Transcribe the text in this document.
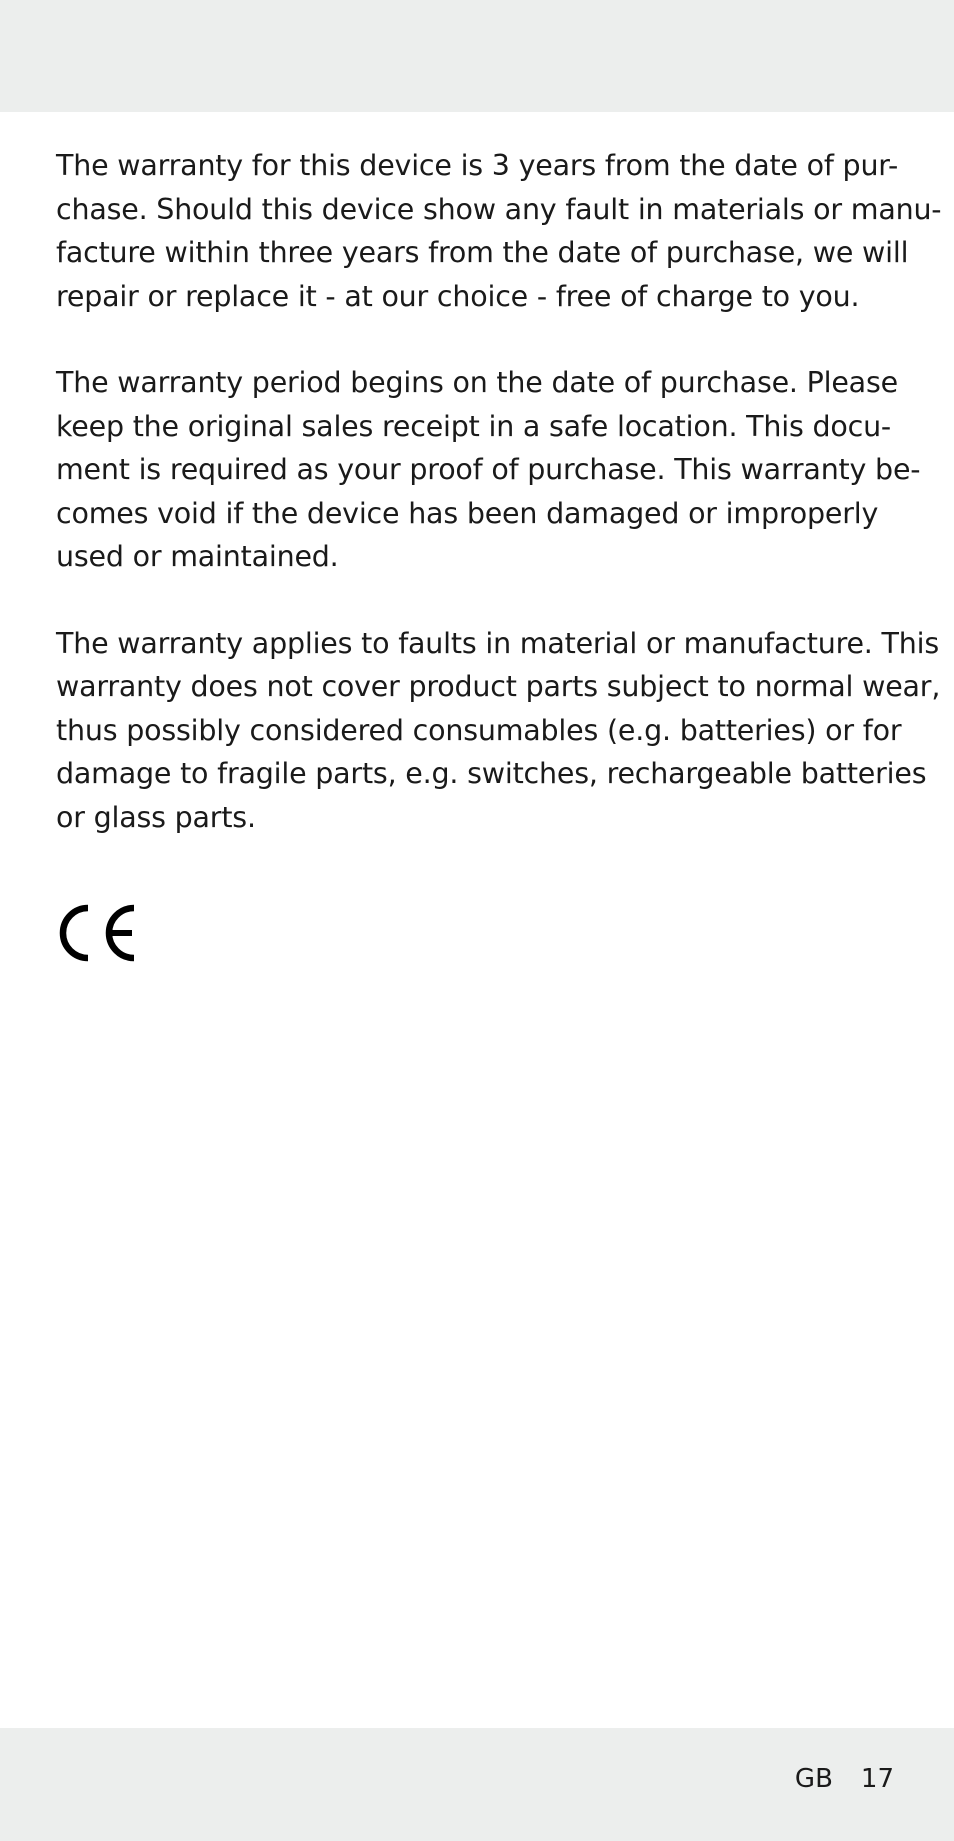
The warranty for this device is 3 years from the date of pur-
chase. Should this device show any fault in materials or manu-
facture within three years from the date of purchase, we will
repair or replace it - at our choice - free of charge to you.

The warranty period begins on the date of purchase. Please
keep the original sales receipt in a safe location. This docu-
ment is required as your proof of purchase. This warranty be-
comes void if the device has been damaged or improperly
used or maintained.

The warranty applies to faults in material or manufacture. This
warranty does not cover product parts subject to normal wear,
thus possibly considered consumables (e.g. batteries) or for
damage to fragile parts, e.g. switches, rechargeable batteries
or glass parts.

GB 17
